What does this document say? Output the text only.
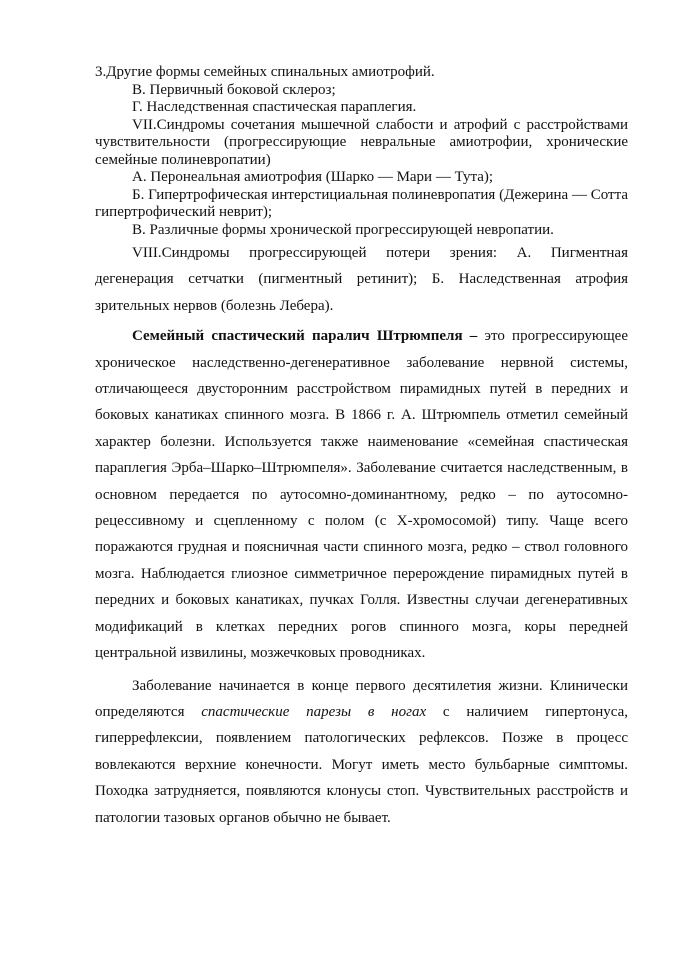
3.Другие формы семейных спинальных амиотрофий.

В. Первичный боковой склероз;

Г. Наследственная спастическая параплегия.

VII.Синдромы сочетания мышечной слабости и атрофий с расстройствами чувствительности (прогрессирующие невральные амиотрофии, хронические семейные полиневропатии)

А. Перонеальная амиотрофия (Шарко — Мари — Тута);

Б. Гипертрофическая интерстициальная полиневропатия (Дежерина — Сотта гипертрофический неврит);

В. Различные формы хронической прогрессирующей невропатии.

VIII.Синдромы прогрессирующей потери зрения: А. Пигментная дегенерация сетчатки (пигментный ретинит); Б. Наследственная атрофия зрительных нервов (болезнь Лебера).

Семейный спастический паралич Штрюмпеля – это прогрессирующее хроническое наследственно-дегенеративное заболевание нервной системы, отличающееся двусторонним расстройством пирамидных путей в передних и боковых канатиках спинного мозга. В 1866 г. А. Штрюмпель отметил семейный характер болезни. Используется также наименование «семейная спастическая параплегия Эрба–Шарко–Штрюмпеля». Заболевание считается наследственным, в основном передается по аутосомно-доминантному, редко – по аутосомно-рецессивному и сцепленному с полом (с Х-хромосомой) типу. Чаще всего поражаются грудная и поясничная части спинного мозга, редко – ствол головного мозга. Наблюдается глиозное симметричное перерождение пирамидных путей в передних и боковых канатиках, пучках Голля. Известны случаи дегенеративных модификаций в клетках передних рогов спинного мозга, коры передней центральной извилины, мозжечковых проводниках.

Заболевание начинается в конце первого десятилетия жизни. Клинически определяются спастические парезы в ногах с наличием гипертонуса, гиперрефлексии, появлением патологических рефлексов. Позже в процесс вовлекаются верхние конечности. Могут иметь место бульбарные симптомы. Походка затрудняется, появляются клонусы стоп. Чувствительных расстройств и патологии тазовых органов обычно не бывает.
